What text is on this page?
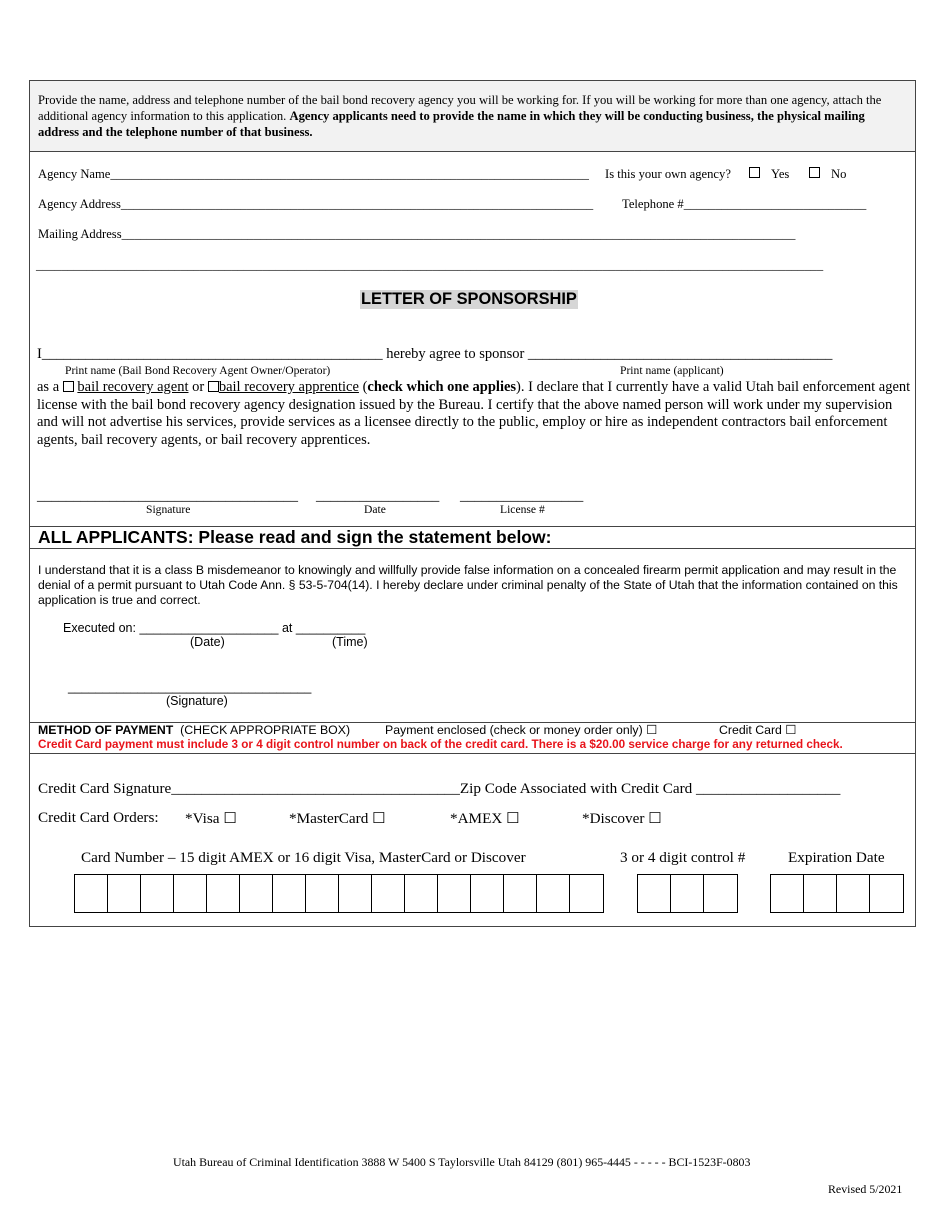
Provide the name, address and telephone number of the bail bond recovery agency you will be working for. If you will be working for more than one agency, attach the additional agency information to this application. Agency applicants need to provide the name in which they will be conducting business, the physical mailing address and the telephone number of that business.

Agency Name____________________________________________________________________________ Is this your own agency?	Yes	No
Agency Address___________________________________________________________________________ Telephone #_____________________________
Mailing Address___________________________________________________________________________________________________________
_____________________________________________________________________________________________________________________________
LETTER OF SPONSORSHIP
I_______________________________________________ hereby agree to sponsor __________________________________________
Print name (Bail Bond Recovery Agent Owner/Operator)	Print name (applicant)
as a  bail recovery agent or bail recovery apprentice (check which one applies). I declare that I currently have a valid Utah bail enforcement agent license with the bail bond recovery agency designation issued by the Bureau. I certify that the above named person will work under my supervision and will not advertise his services, provide services as a licensee directly to the public, employ or hire as independent contractors bail enforcement agents, bail recovery agents, or bail recovery apprentices.
____________________________________ _________________ _________________
Signature	Date	License #
ALL APPLICANTS: Please read and sign the statement below:
I understand that it is a class B misdemeanor to knowingly and willfully provide false information on a concealed firearm permit application and may result in the denial of a permit pursuant to Utah Code Ann. § 53-5-704(14). I hereby declare under criminal penalty of the State of Utah that the information contained on this application is true and correct.
Executed on: ____________________ at __________
(Date)	(Time)
___________________________________
(Signature)
METHOD OF PAYMENT (CHECK APPROPRIATE BOX)	Payment enclosed (check or money order only) ☐	Credit Card ☐
Credit Card payment must include 3 or 4 digit control number on back of the credit card. There is a $20.00 service charge for any returned check.
Credit Card Signature______________________________________Zip Code Associated with Credit Card ___________________
Credit Card Orders: *Visa ☐	*MasterCard ☐	*AMEX ☐	*Discover ☐
Card Number – 15 digit AMEX or 16 digit Visa, MasterCard or Discover	3 or 4 digit control #	Expiration Date
Utah Bureau of Criminal Identification 3888 W 5400 S Taylorsville Utah 84129 (801) 965-4445 - - - - - BCI-1523F-0803
Revised 5/2021
